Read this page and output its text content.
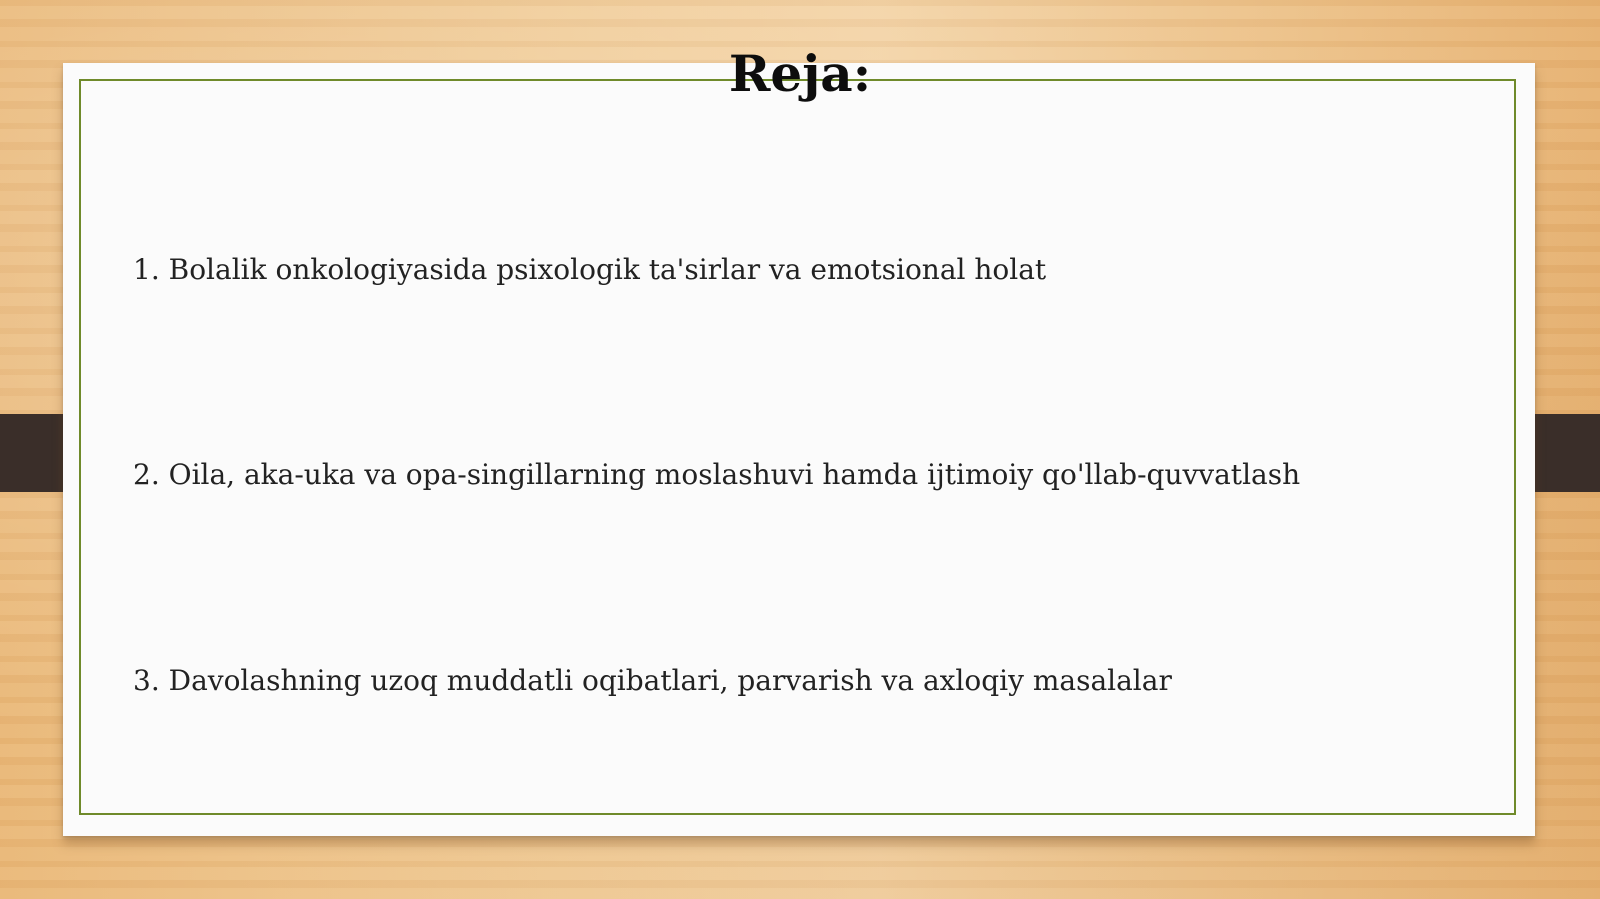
Reja:
1. Bolalik onkologiyasida psixologik ta'sirlar va emotsional holat
2. Oila, aka-uka va opa-singillarning moslashuvi hamda ijtimoiy qo'llab-quvvatlash
3. Davolashning uzoq muddatli oqibatlari, parvarish va axloqiy masalalar
